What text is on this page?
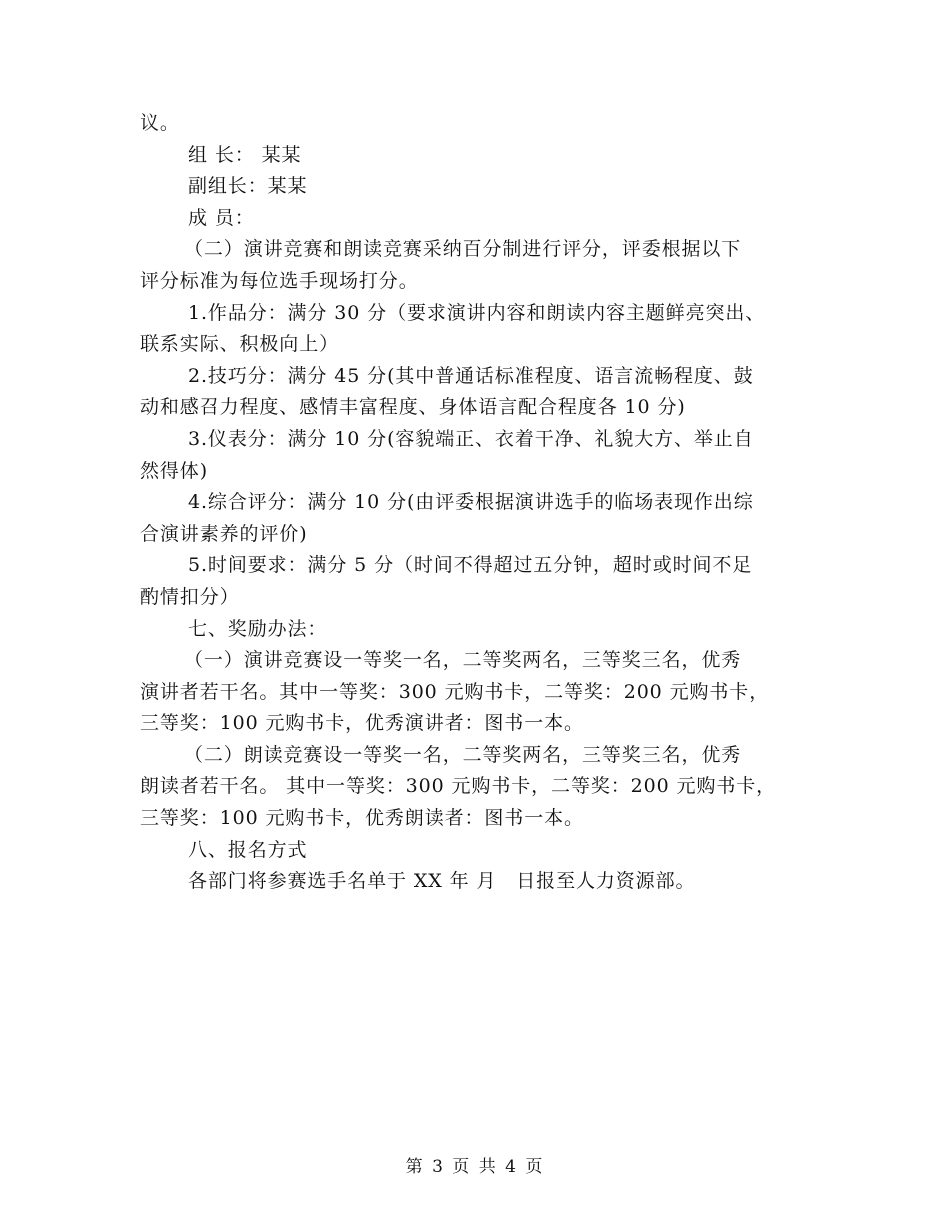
议。
组 长： 某某
副组长：某某
成 员：
（二）演讲竞赛和朗读竞赛采纳百分制进行评分，评委根据以下
评分标准为每位选手现场打分。
1.作品分：满分 30 分（要求演讲内容和朗读内容主题鲜亮突出、
联系实际、积极向上）
2.技巧分：满分 45 分(其中普通话标准程度、语言流畅程度、鼓
动和感召力程度、感情丰富程度、身体语言配合程度各 10 分)
3.仪表分：满分 10 分(容貌端正、衣着干净、礼貌大方、举止自
然得体)
4.综合评分：满分 10 分(由评委根据演讲选手的临场表现作出综
合演讲素养的评价)
5.时间要求：满分 5 分（时间不得超过五分钟，超时或时间不足
酌情扣分）
七、奖励办法：
（一）演讲竞赛设一等奖一名，二等奖两名，三等奖三名，优秀
演讲者若干名。其中一等奖：300 元购书卡，二等奖：200 元购书卡，
三等奖：100 元购书卡，优秀演讲者：图书一本。
（二）朗读竞赛设一等奖一名，二等奖两名，三等奖三名，优秀
朗读者若干名。 其中一等奖：300 元购书卡，二等奖：200 元购书卡，
三等奖：100 元购书卡，优秀朗读者：图书一本。
八、报名方式
各部门将参赛选手名单于 XX 年 月　日报至人力资源部。
第 3 页 共 4 页
